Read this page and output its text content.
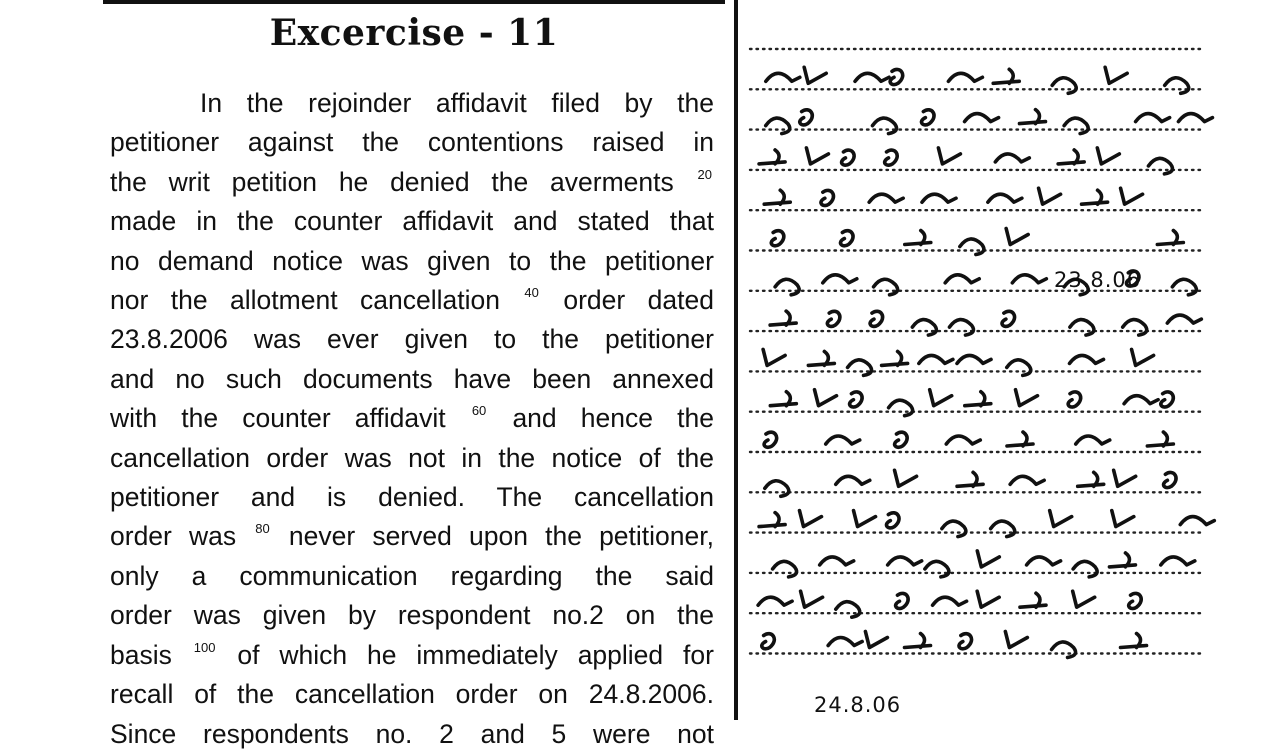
Excercise - 11
In the rejoinder affidavit filed by the
petitioner against the contentions raised in
the writ petition he denied the averments $^{20}$
made in the counter affidavit and stated that
no demand notice was given to the petitioner
nor the allotment cancellation $^{40}$ order dated
23.8.2006 was ever given to the petitioner
and no such documents have been annexed
with the counter affidavit $^{60}$ and hence the
cancellation order was not in the notice of the
petitioner and is denied. The cancellation
order was $^{80}$ never served upon the petitioner,
only a communication regarding the said
order was given by respondent no.2 on the
basis $^{100}$ of which he immediately applied for
recall of the cancellation order on 24.8.2006.
Since respondents no. 2 and 5 were not
23.8.06
24.8.06
